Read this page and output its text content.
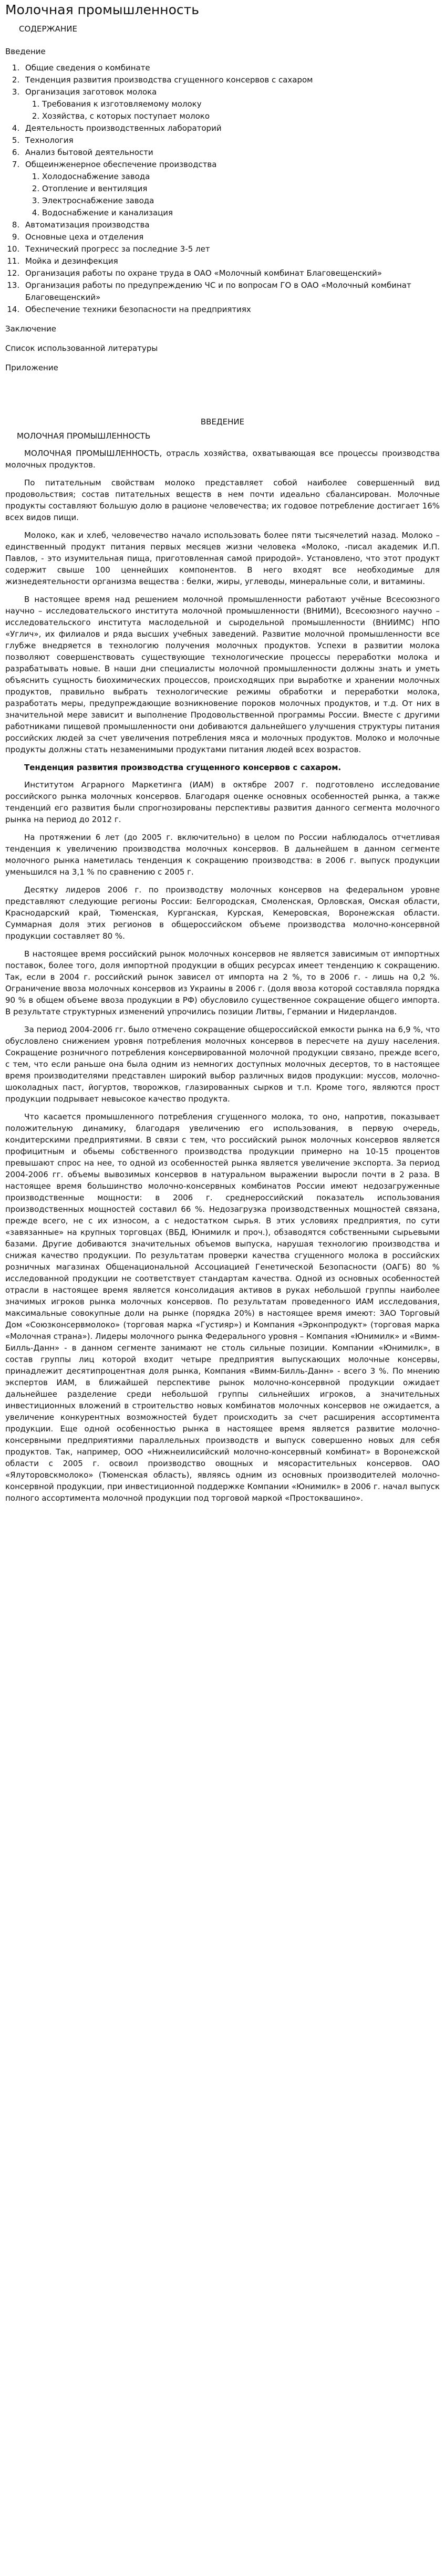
Молочная промышленность
СОДЕРЖАНИЕ
Введение
1. Общие сведения о комбинате
2. Тенденция развития производства сгущенного консервов с сахаром
3. Организация заготовок молока
1. Требования к изготовляемому молоку
2. Хозяйства, с которых поступает молоко
4. Деятельность производственных лабораторий
5. Технология
6. Анализ бытовой деятельности
7. Общеинженерное обеспечение производства
1. Холодоснабжение завода
2. Отопление и вентиляция
3. Электроснабжение завода
4. Водоснабжение и канализация
8. Автоматизация производства
9. Основные цеха и отделения
10. Технический прогресс за последние 3-5 лет
11. Мойка и дезинфекция
12. Организация работы по охране труда в ОАО «Молочный комбинат Благовещенский»
13. Организация работы по предупреждению ЧС и по вопросам ГО в ОАО «Молочный комбинат Благовещенский»
14. Обеспечение техники безопасности на предприятиях

Заключение

Список использованной литературы

Приложение

ВВЕДЕНИЕ
МОЛОЧНАЯ ПРОМЫШЛЕННОСТЬ

МОЛОЧНАЯ ПРОМЫШЛЕННОСТЬ, отрасль хозяйства, охватывающая все процессы производства молочных продуктов.

По питательным свойствам молоко представляет собой наиболее совершенный вид продовольствия; состав питательных веществ в нем почти идеально сбалансирован. Молочные продукты составляют большую долю в рационе человечества; их годовое потребление достигает 16% всех видов пищи.

Молоко, как и хлеб, человечество начало использовать более пяти тысячелетий назад. Молоко – единственный продукт питания первых месяцев жизни человека «Молоко, -писал академик И.П. Павлов, - это изумительная пища, приготовленная самой природой». Установлено, что этот продукт содержит свыше 100 ценнейших компонентов. В него входят все необходимые для жизнедеятельности организма вещества : белки, жиры, углеводы, минеральные соли, и витамины.

В настоящее время над решением молочной промышленности работают учёные Всесоюзного научно – исследовательского института молочной промышленности (ВНИМИ), Всесоюзного научно – исследовательского института маслодельной и сыродельной промышленности (ВНИИМС) НПО «Углич», их филиалов и ряда высших учебных заведений. Развитие молочной промышленности все глубже внедряется в технологию получения молочных продуктов. Успехи в развитии молока позволяют совершенствовать существующие технологические процессы переработки молока и разрабатывать новые. В наши дни специалисты молочной промышленности должны знать и уметь объяснить сущность биохимических процессов, происходящих при выработке и хранении молочных продуктов, правильно выбрать технологические режимы обработки и переработки молока, разработать меры, предупреждающие возникновение пороков молочных продуктов, и т.д. От них в значительной мере зависит и выполнение Продовольственной программы России. Вместе с другими работниками пищевой промышленности они добиваются дальнейшего улучшения структуры питания российских людей за счет увеличения потребления мяса и молочных продуктов. Молоко и молочные продукты должны стать незаменимыми продуктами питания людей всех возрастов.

Тенденция развития производства сгущенного консервов с сахаром.

Институтом Аграрного Маркетинга (ИАМ) в октябре 2007 г. подготовлено исследование российского рынка молочных консервов. Благодаря оценке основных особенностей рынка, а также тенденций его развития были спрогнозированы перспективы развития данного сегмента молочного рынка на период до 2012 г.

На протяжении 6 лет (до 2005 г. включительно) в целом по России наблюдалось отчетливая тенденция к увеличению производства молочных консервов. В дальнейшем в данном сегменте молочного рынка наметилась тенденция к сокращению производства: в 2006 г. выпуск продукции уменьшился на 3,1 % по сравнению с 2005 г.

Десятку лидеров 2006 г. по производству молочных консервов на федеральном уровне представляют следующие регионы России: Белгородская, Смоленская, Орловская, Омская области, Краснодарский край, Тюменская, Курганская, Курская, Кемеровская, Воронежская области. Суммарная доля этих регионов в общероссийском объеме производства молочно-консервной продукции составляет 80 %.

В настоящее время российский рынок молочных консервов не является зависимым от импортных поставок, более того, доля импортной продукции в общих ресурсах имеет тенденцию к сокращению. Так, если в 2004 г. российский рынок зависел от импорта на 2 %, то в 2006 г. - лишь на 0,2 %. Ограничение ввоза молочных консервов из Украины в 2006 г. (доля ввоза которой составляла порядка 90 % в общем объеме ввоза продукции в РФ) обусловило существенное сокращение общего импорта. В результате структурных изменений упрочились позиции Литвы, Германии и Нидерландов.

За период 2004-2006 гг. было отмечено сокращение общероссийской емкости рынка на 6,9 %, что обусловлено снижением уровня потребления молочных консервов в пересчете на душу населения. Сокращение розничного потребления консервированной молочной продукции связано, прежде всего, с тем, что если раньше она была одним из немногих доступных молочных десертов, то в настоящее время производителями представлен широкий выбор различных видов продукции: муссов, молочно-шоколадных паст, йогуртов, творожков, глазированных сырков и т.п. Кроме того, являются прост продукции подрывает невысокое качество продукта.

Что касается промышленного потребления сгущенного молока, то оно, напротив, показывает положительную динамику, благодаря увеличению его использования, в первую очередь, кондитерскими предприятиями. В связи с тем, что российский рынок молочных консервов является профицитным и обьемы собственного производства продукции примерно на 10-15 процентов превышают спрос на нее, то одной из особенностей рынка является увеличение экспорта. За период 2004-2006 гг. объемы вывозимых консервов в натуральном выражении выросли почти в 2 раза. В настоящее время большинство молочно-консервных комбинатов России имеют недозагруженные производственные мощности: в 2006 г. среднероссийский показатель использования производственных мощностей составил 66 %. Недозагрузка производственных мощностей связана, прежде всего, не с их износом, а с недостатком сырья. В этих условиях предприятия, по сути «завязанные» на крупных торговцах (ВБД, Юнимилк и проч.), обзаводятся собственными сырьевыми базами. Другие добиваются значительных объемов выпуска, нарушая технологию производства и снижая качество продукции. По результатам проверки качества сгущенного молока в российских розничных магазинах Общенациональной Ассоциацией Генетической Безопасности (ОАГБ) 80 % исследованной продукции не соответствует стандартам качества. Одной из основных особенностей отрасли в настоящее время является консолидация активов в руках небольшой группы наиболее значимых игроков рынка молочных консервов. По результатам проведенного ИАМ исследования, максимальные совокупные доли на рынке (порядка 20%) в настоящее время имеют: ЗАО Торговый Дом «Союзконсервмолоко» (торговая марка «Густияр») и Компания «Эрконпродукт» (торговая марка «Молочная страна»). Лидеры молочного рынка Федерального уровня – Компания «Юнимилк» и «Вимм-Билль-Данн» - в данном сегменте занимают не столь сильные позиции. Компании «Юнимилк», в состав группы лиц которой входит четыре предприятия выпускающих молочные консервы, принадлежит десятипроцентная доля рынка, Компания «Вимм-Билль-Данн» - всего 3 %. По мнению экспертов ИАМ, в ближайшей перспективе рынок молочно-консервной продукции ожидает дальнейшее разделение среди небольшой группы сильнейших игроков, а значительных инвестиционных вложений в строительство новых комбинатов молочных консервов не ожидается, а увеличение конкурентных возможностей будет происходить за счет расширения ассортимента продукции. Еще одной особенностью рынка в настоящее время является развитие молочно-консервными предприятиями параллельных производств и выпуск совершенно новых для себя продуктов. Так, например, ООО «Нижнеилисийский молочно-консервный комбинат» в Воронежской области с 2005 г. освоил производство овощных и мясорастительных консервов. ОАО «Ялуторовскмолоко» (Тюменская область), являясь одним из основных производителей молочно-консервной продукции, при инвестиционной поддержке Компании «Юнимилк» в 2006 г. начал выпуск полного ассортимента молочной продукции под торговой маркой «Простоквашино».
